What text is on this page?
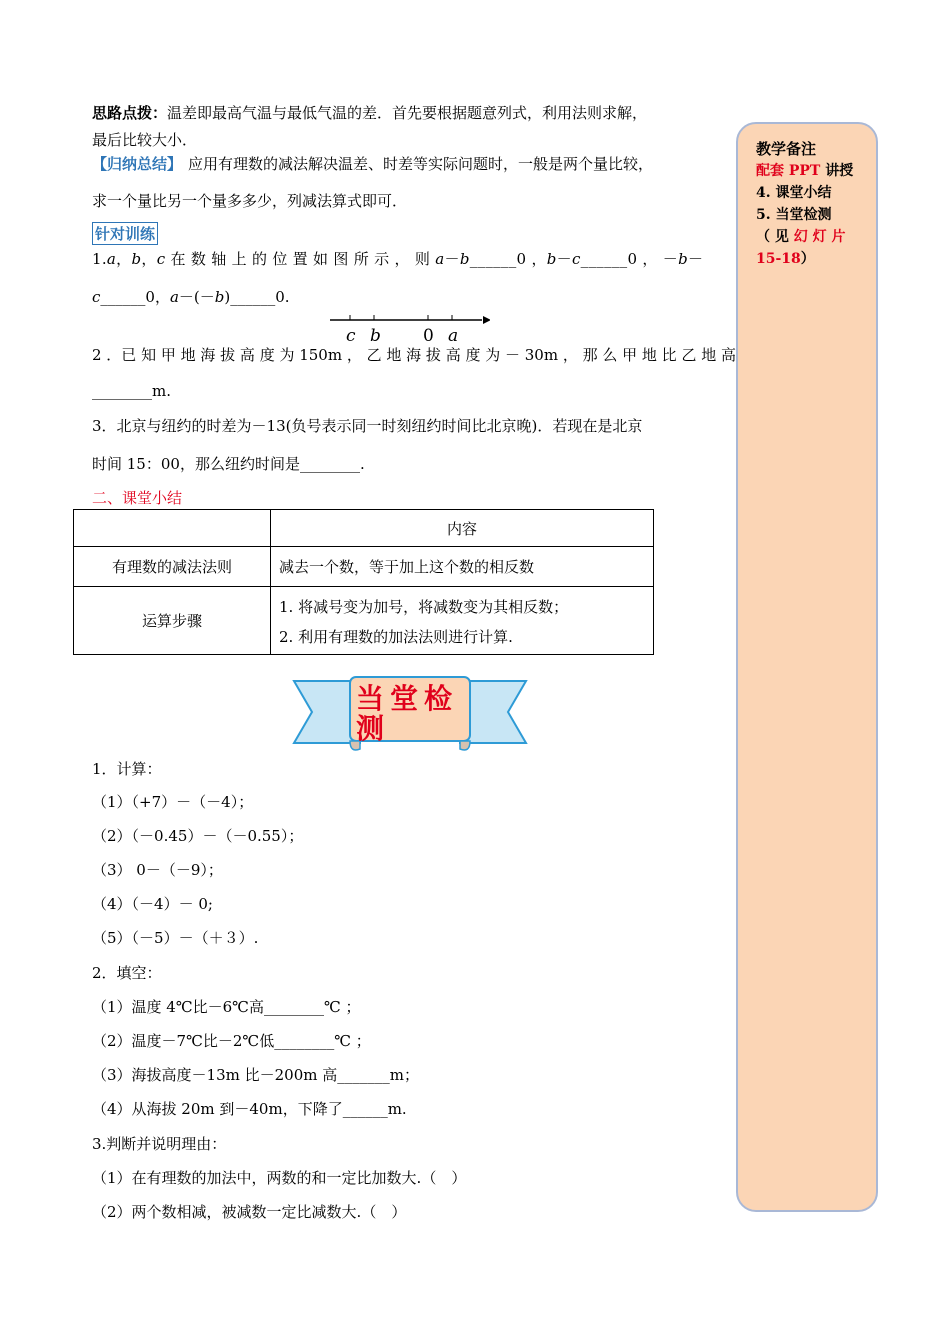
思路点拨：温差即最高气温与最低气温的差．首先要根据题意列式，利用法则求解，
最后比较大小．
【归纳总结】 应用有理数的减法解决温差、时差等实际问题时，一般是两个量比较，
求一个量比另一个量多多少，列减法算式即可．
针对训练
1.a，b，c 在 数 轴 上 的 位 置 如 图 所 示 ， 则 a－b______0 ，b－c______0 ， －b－
c______0，a－(－b)______0.
c b 0 a
2 ．已 知 甲 地 海 拔 高 度 为 150m ， 乙 地 海 拔 高 度 为 － 30m ， 那 么 甲 地 比 乙 地 高
________m.
3．北京与纽约的时差为－13(负号表示同一时刻纽约时间比北京晚)．若现在是北京
时间 15：00，那么纽约时间是________.
二、课堂小结
	内容
有理数的减法法则	减去一个数，等于加上这个数的相反数
运算步骤	1. 将减号变为加号，将减数变为其相反数；
2. 利用有理数的加法法则进行计算.
当堂检测
1．计算：
（1）（+7）－（－4）；
（2）（－0.45）－（－0.55）；
（3） 0－（－9）；
（4）（－4）－ 0;
（5）（－5）－（＋３）.
2．填空：
（1）温度 4℃比－6℃高________℃ ；
（2）温度－7℃比－2℃低________℃ ；
（3）海拔高度－13m 比－200m 高_______m；
（4）从海拔 20m 到－40m，下降了______m.
3.判断并说明理由：
（1）在有理数的加法中，两数的和一定比加数大.（　）
（2）两个数相减，被减数一定比减数大.（　）
教学备注
配套 PPT 讲授
4. 课堂小结
5. 当堂检测
（ 见 幻 灯 片
15-18）
